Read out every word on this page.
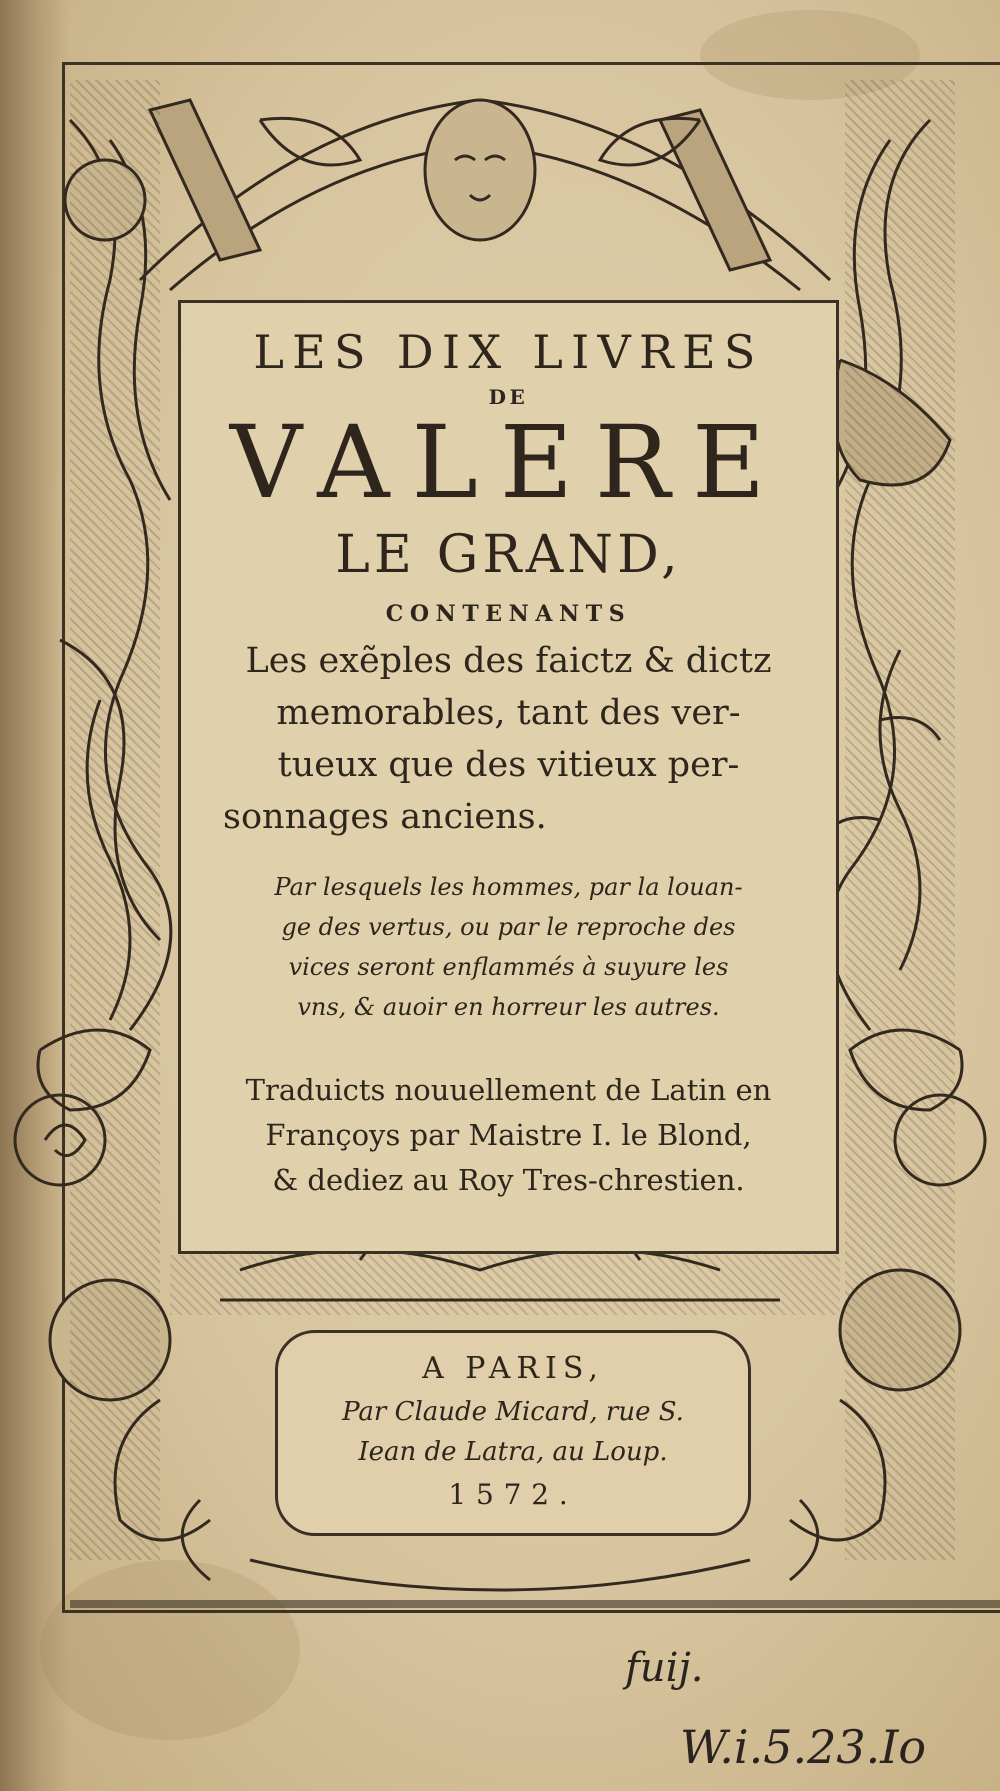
LES DIX LIVRES
DE
VALERE
LE GRAND,
CONTENANTS
Les exẽples des faictz & dictz
memorables, tant des ver-
tueux que des vitieux per-
sonnages anciens.
Par lesquels les hommes, par la louan-
ge des vertus, ou par le reproche des
vices seront enflammés à suyure les
vns, & auoir en horreur les autres.
Traduicts nouuellement de Latin en
Françoys par Maistre I. le Blond,
& dediez au Roy Tres-chrestien.
A PARIS,
Par Claude Micard, rue S.
Iean de Latra, au Loup.
1572.
fuij.
W.i.5.23.Io
